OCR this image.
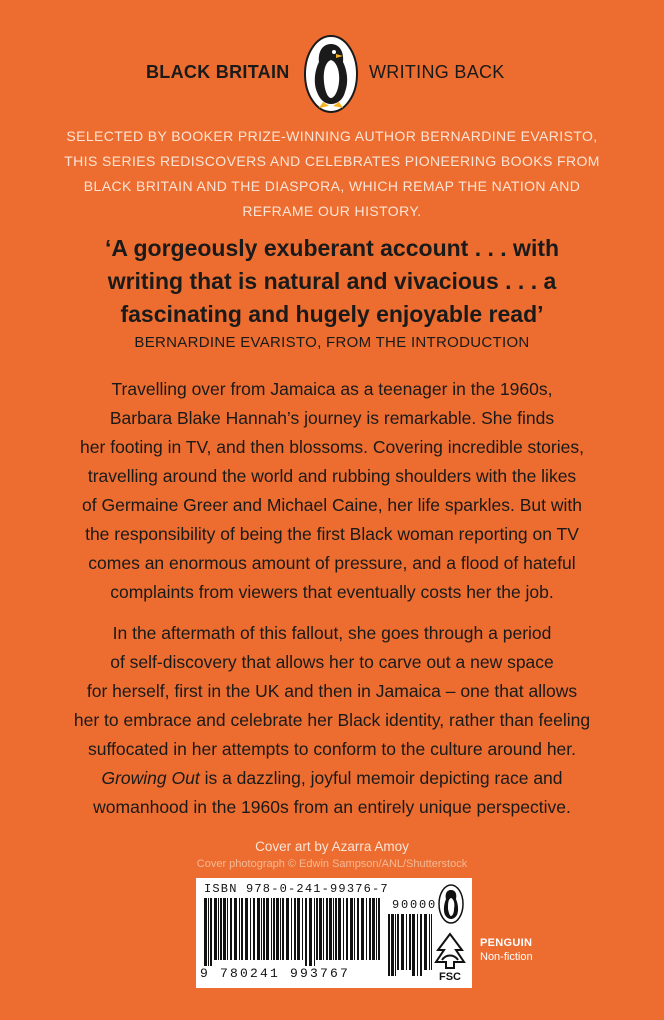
BLACK BRITAIN	WRITING BACK
SELECTED BY BOOKER PRIZE-WINNING AUTHOR BERNARDINE EVARISTO,
THIS SERIES REDISCOVERS AND CELEBRATES PIONEERING BOOKS FROM
BLACK BRITAIN AND THE DIASPORA, WHICH REMAP THE NATION AND
REFRAME OUR HISTORY.
‘A gorgeously exuberant account . . . with
writing that is natural and vivacious . . . a
fascinating and hugely enjoyable read’
BERNARDINE EVARISTO, FROM THE INTRODUCTION
Travelling over from Jamaica as a teenager in the 1960s,
Barbara Blake Hannah’s journey is remarkable. She finds
her footing in TV, and then blossoms. Covering incredible stories,
travelling around the world and rubbing shoulders with the likes
of Germaine Greer and Michael Caine, her life sparkles. But with
the responsibility of being the first Black woman reporting on TV
comes an enormous amount of pressure, and a flood of hateful
complaints from viewers that eventually costs her the job.
In the aftermath of this fallout, she goes through a period
of self-discovery that allows her to carve out a new space
for herself, first in the UK and then in Jamaica – one that allows
her to embrace and celebrate her Black identity, rather than feeling
suffocated in her attempts to conform to the culture around her.
Growing Out is a dazzling, joyful memoir depicting race and
womanhood in the 1960s from an entirely unique perspective.
Cover art by Azarra Amoy
Cover photograph © Edwin Sampson/ANL/Shutterstock
ISBN 978-0-241-99376-7
9 780241 993767
90000
FSC
PENGUIN
Non-fiction
